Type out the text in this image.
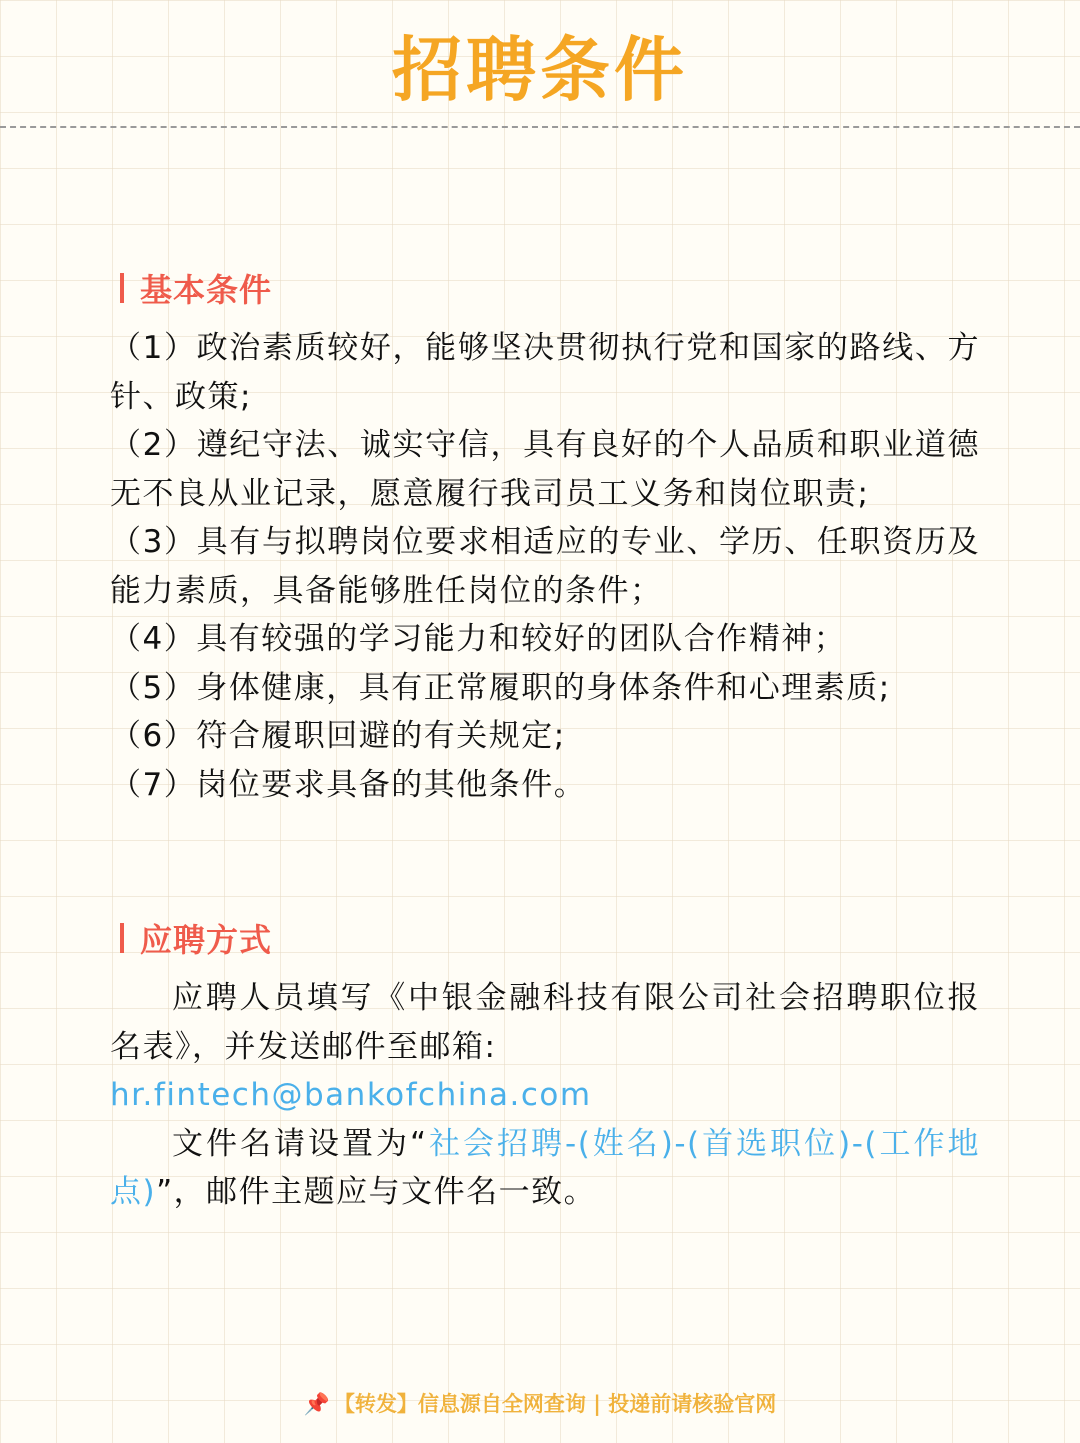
招聘条件
基本条件

（1）政治素质较好，能够坚决贯彻执行党和国家的路线、方针、政策;

（2）遵纪守法、诚实守信，具有良好的个人品质和职业道德无不良从业记录，愿意履行我司员工义务和岗位职责;

（3）具有与拟聘岗位要求相适应的专业、学历、任职资历及能力素质，具备能够胜任岗位的条件；

（4）具有较强的学习能力和较好的团队合作精神；

（5）身体健康，具有正常履职的身体条件和心理素质;

（6）符合履职回避的有关规定;

（7）岗位要求具备的其他条件。

应聘方式

应聘人员填写《中银金融科技有限公司社会招聘职位报名表》，并发送邮件至邮箱:

hr.fintech@bankofchina.com

文件名请设置为“社会招聘-(姓名)-(首选职位)-(工作地点)”，邮件主题应与文件名一致。

📌 【转发】信息源自全网查询 | 投递前请核验官网
